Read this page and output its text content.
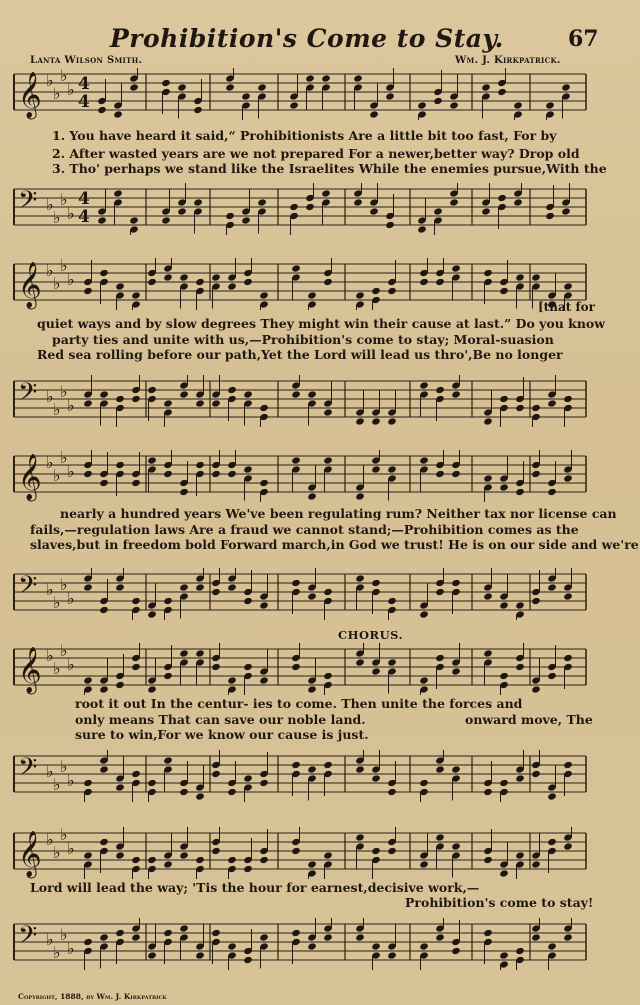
Prohibition's Come to Stay.	67
Lanta Wilson Smith.	Wm. J. Kirkpatrick.
𝄞 ♭
♭
♭
♭ 4
4
1. You have heard it said,“ Prohibitionists Are a little bit too fast, For by
2. After wasted years are we not prepared For a newer,better way? Drop old
3. Tho' perhaps we stand like the Israelites While the enemies pursue,With the
𝄢 ♭
♭
♭
♭
4
4
𝄞 ♭
♭
♭
♭
[that for
quiet ways and by slow degrees They might win their cause at last.” Do you know
party ties and unite with us,—Prohibition's come to stay; Moral-suasion
Red sea rolling before our path,Yet the Lord will lead us thro',Be no longer
𝄢 ♭
♭
♭
♭
𝄞 ♭
♭
♭
♭
nearly a hundred years We've been regulating rum? Neither tax nor license can
fails,—regulation laws Are a fraud we cannot stand;—Prohibition comes as the
slaves,but in freedom bold Forward march,in God we trust! He is on our side and we're
𝄢 ♭
♭
♭
♭
CHORUS.
𝄞 ♭
♭
♭
♭
root it out In the centur- ies to come. Then unite the forces and
only means That can save our noble land.	onward move, The
sure to win,For we know our cause is just.
𝄢 ♭
♭
♭
♭
𝄞 ♭
♭
♭
♭
Lord will lead the way; 'Tis the hour for earnest,decisive work,—
Prohibition's come to stay!
𝄢 ♭
♭
♭
♭
Copyright, 1888, by Wm. J. Kirkpatrick
